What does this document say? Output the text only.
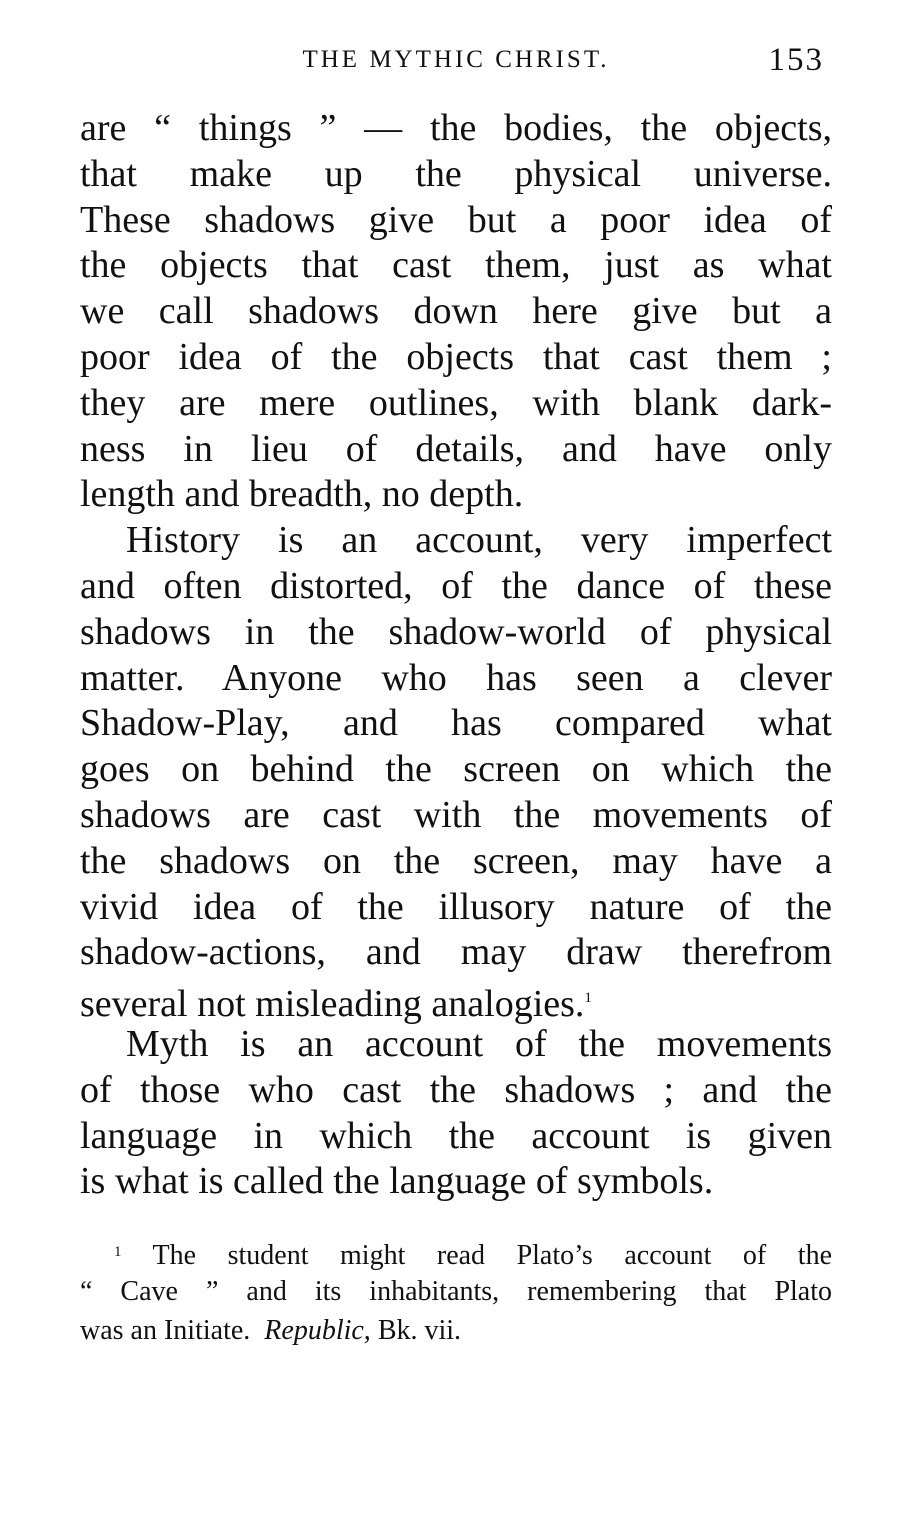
THE MYTHIC CHRIST.	153
are “ things ” — the bodies, the objects,
that make up the physical universe.
These shadows give but a poor idea of
the objects that cast them, just as what
we call shadows down here give but a
poor idea of the objects that cast them ;
they are mere outlines, with blank dark-
ness in lieu of details, and have only
length and breadth, no depth.
History is an account, very imperfect
and often distorted, of the dance of these
shadows in the shadow-world of physical
matter. Anyone who has seen a clever
Shadow-Play, and has compared what
goes on behind the screen on which the
shadows are cast with the movements of
the shadows on the screen, may have a
vivid idea of the illusory nature of the
shadow-actions, and may draw therefrom
several not misleading analogies.$^1$
Myth is an account of the movements
of those who cast the shadows ; and the
language in which the account is given
is what is called the language of symbols.
$^1$ The student might read Plato’s account of the
“ Cave ” and its inhabitants, remembering that Plato
was an Initiate. Republic, Bk. vii.
